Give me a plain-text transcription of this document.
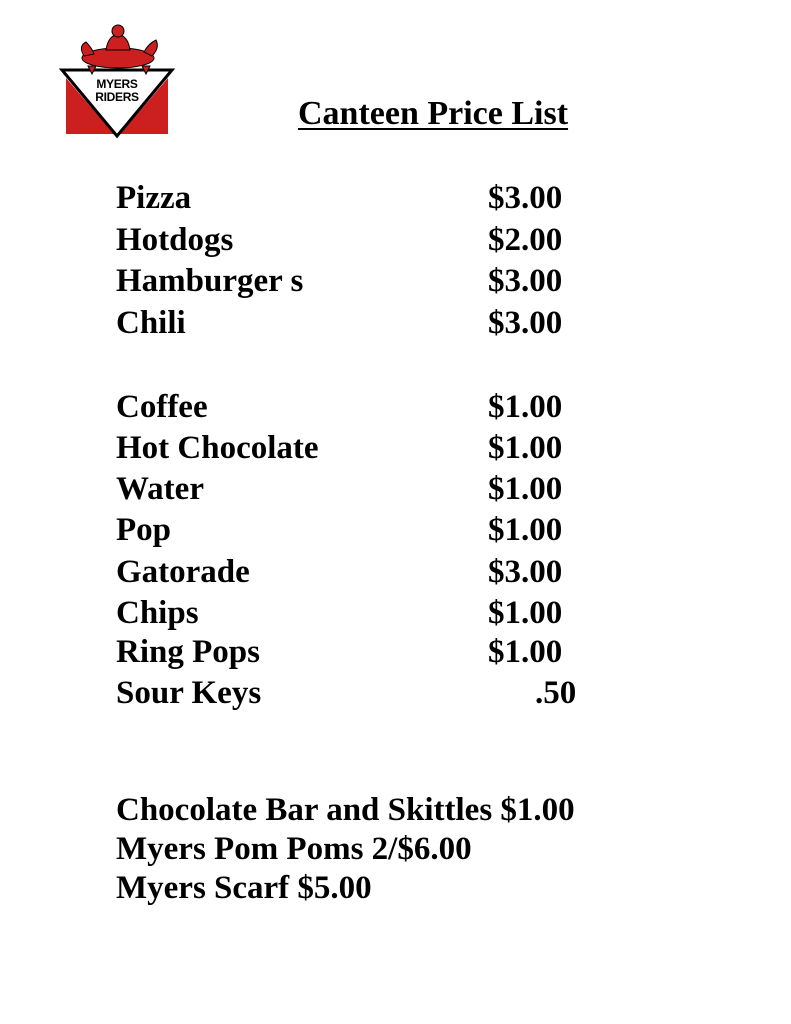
MYERS
RIDERS	Canteen Price List
Pizza	$3.00
Hotdogs	$2.00
Hamburger s	$3.00
Chili	$3.00
Coffee	$1.00
Hot Chocolate	$1.00
Water	$1.00
Pop	$1.00
Gatorade	$3.00
Chips	$1.00
Ring Pops	$1.00
Sour Keys	.50
Chocolate Bar and Skittles $1.00
Myers Pom Poms 2/$6.00
Myers Scarf $5.00
